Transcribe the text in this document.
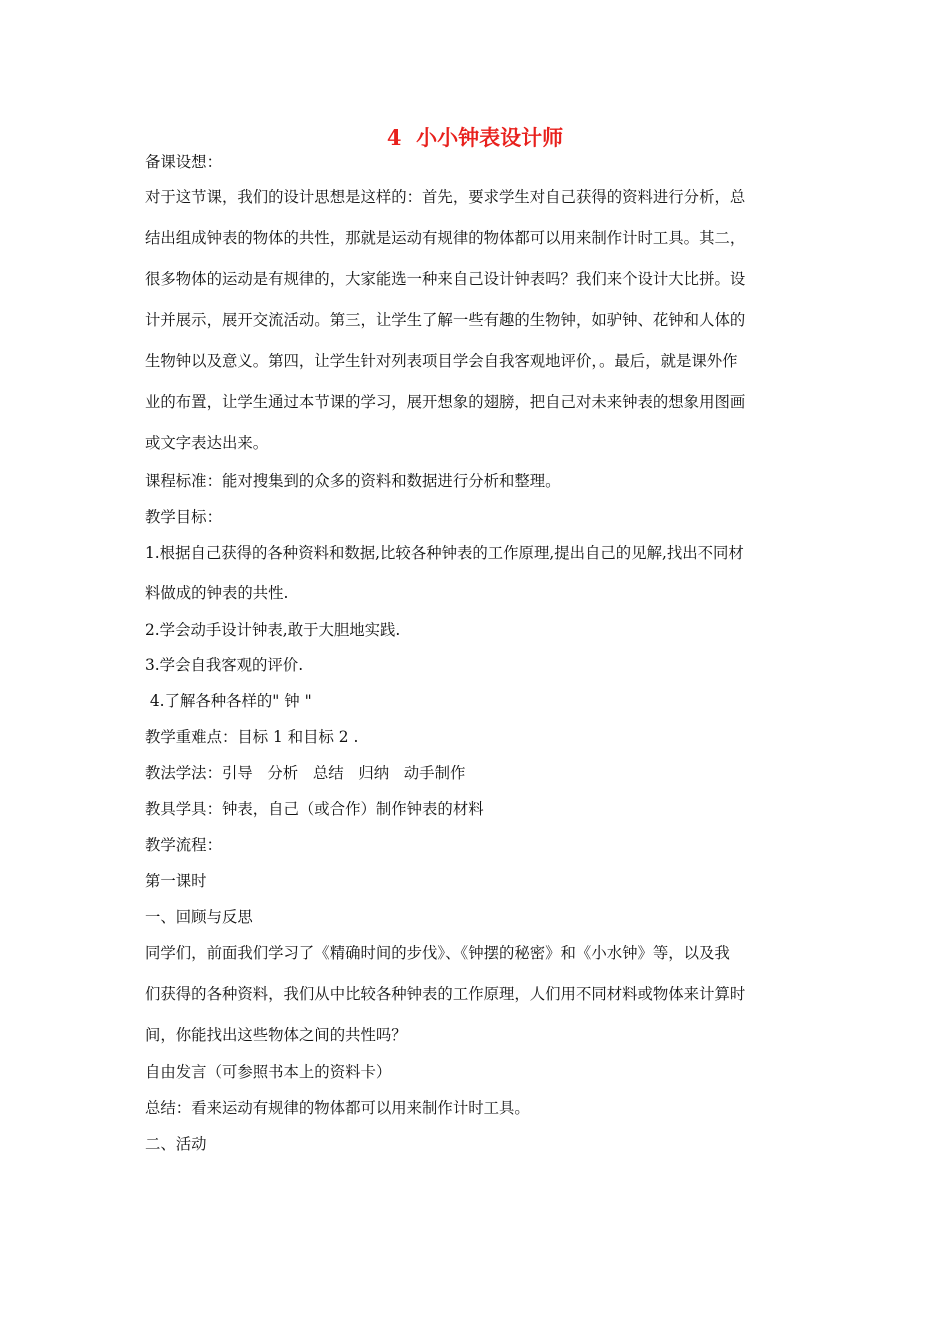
4  小小钟表设计师
备课设想：
对于这节课，我们的设计思想是这样的：首先，要求学生对自己获得的资料进行分析，总
结出组成钟表的物体的共性，那就是运动有规律的物体都可以用来制作计时工具。其二，
很多物体的运动是有规律的，大家能选一种来自己设计钟表吗？我们来个设计大比拼。设
计并展示，展开交流活动。第三，让学生了解一些有趣的生物钟，如驴钟、花钟和人体的
生物钟以及意义。第四，让学生针对列表项目学会自我客观地评价，。最后，就是课外作
业的布置，让学生通过本节课的学习，展开想象的翅膀，把自己对未来钟表的想象用图画
或文字表达出来。
课程标准：能对搜集到的众多的资料和数据进行分析和整理。
教学目标：
1.根据自己获得的各种资料和数据,比较各种钟表的工作原理,提出自己的见解,找出不同材
料做成的钟表的共性.
2.学会动手设计钟表,敢于大胆地实践.
3.学会自我客观的评价.
4.了解各种各样的" 钟 "
教学重难点：目标 1 和目标 2 .
教法学法：引导   分析   总结   归纳   动手制作
教具学具：钟表，自己（或合作）制作钟表的材料
教学流程：
第一课时
一、回顾与反思
同学们，前面我们学习了《精确时间的步伐》、《钟摆的秘密》和《小水钟》等，以及我
们获得的各种资料，我们从中比较各种钟表的工作原理，人们用不同材料或物体来计算时
间，你能找出这些物体之间的共性吗？
自由发言（可参照书本上的资料卡）
总结：看来运动有规律的物体都可以用来制作计时工具。
二、活动
